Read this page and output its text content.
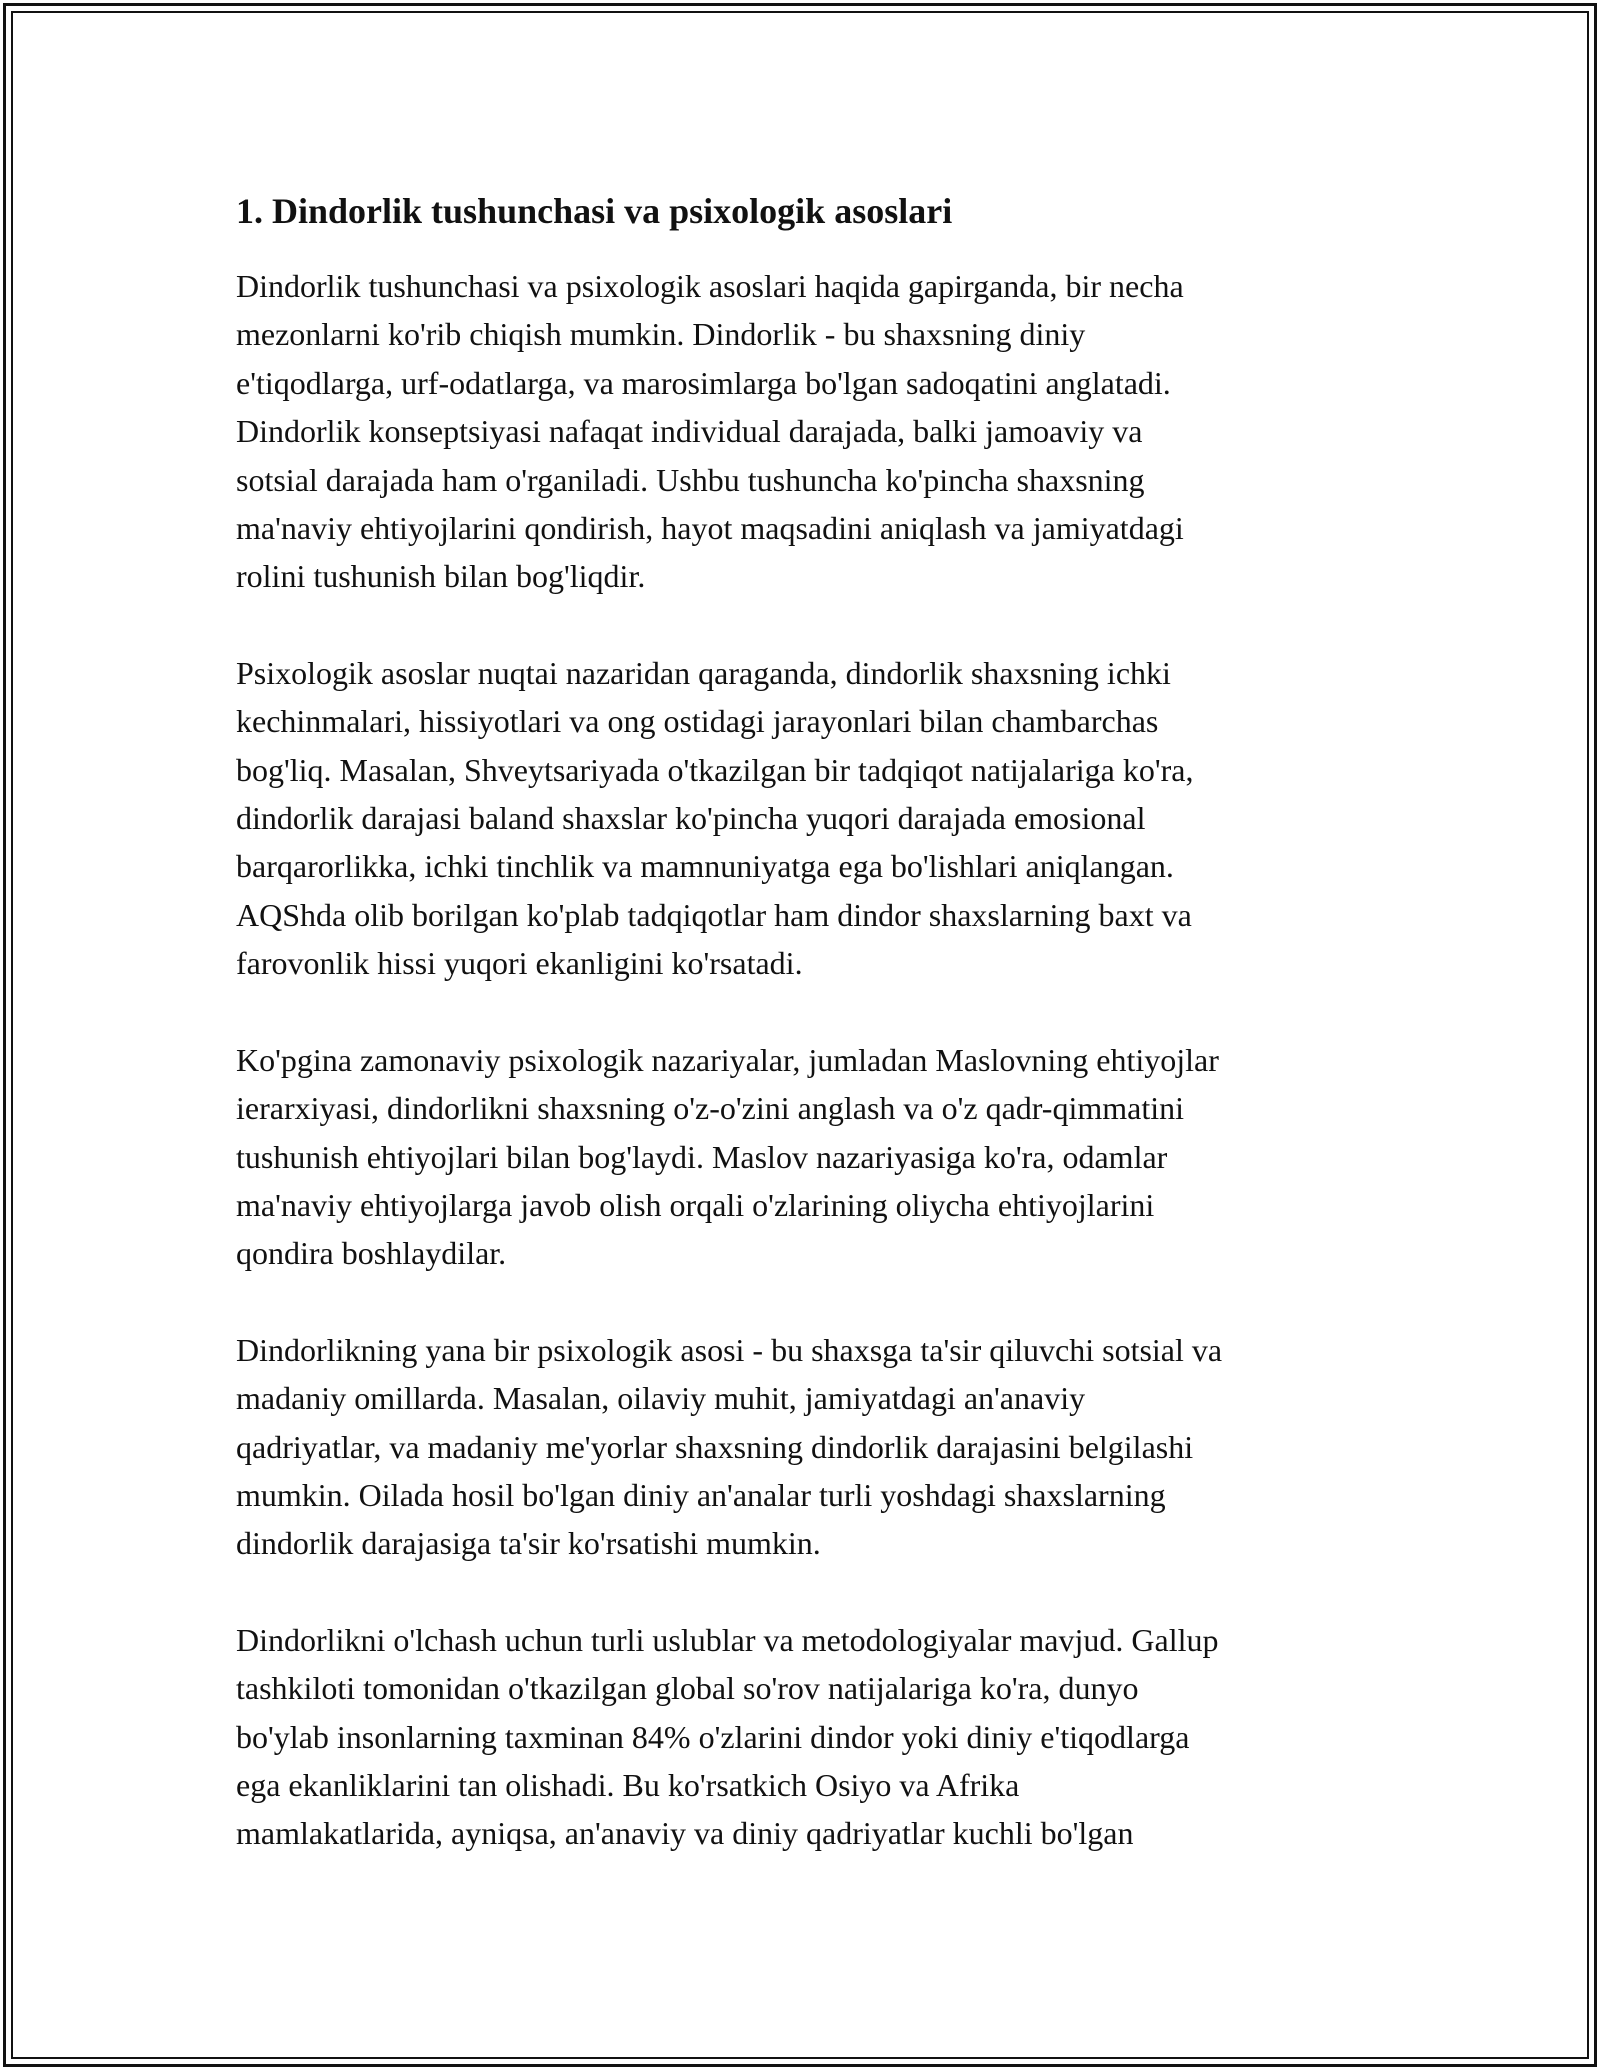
1. Dindorlik tushunchasi va psixologik asoslari

Dindorlik tushunchasi va psixologik asoslari haqida gapirganda, bir necha
mezonlarni ko'rib chiqish mumkin. Dindorlik - bu shaxsning diniy
e'tiqodlarga, urf-odatlarga, va marosimlarga bo'lgan sadoqatini anglatadi.
Dindorlik konseptsiyasi nafaqat individual darajada, balki jamoaviy va
sotsial darajada ham o'rganiladi. Ushbu tushuncha ko'pincha shaxsning
ma'naviy ehtiyojlarini qondirish, hayot maqsadini aniqlash va jamiyatdagi
rolini tushunish bilan bog'liqdir.

Psixologik asoslar nuqtai nazaridan qaraganda, dindorlik shaxsning ichki
kechinmalari, hissiyotlari va ong ostidagi jarayonlari bilan chambarchas
bog'liq. Masalan, Shveytsariyada o'tkazilgan bir tadqiqot natijalariga ko'ra,
dindorlik darajasi baland shaxslar ko'pincha yuqori darajada emosional
barqarorlikka, ichki tinchlik va mamnuniyatga ega bo'lishlari aniqlangan.
AQShda olib borilgan ko'plab tadqiqotlar ham dindor shaxslarning baxt va
farovonlik hissi yuqori ekanligini ko'rsatadi.

Ko'pgina zamonaviy psixologik nazariyalar, jumladan Maslovning ehtiyojlar
ierarxiyasi, dindorlikni shaxsning o'z-o'zini anglash va o'z qadr-qimmatini
tushunish ehtiyojlari bilan bog'laydi. Maslov nazariyasiga ko'ra, odamlar
ma'naviy ehtiyojlarga javob olish orqali o'zlarining oliycha ehtiyojlarini
qondira boshlaydilar.

Dindorlikning yana bir psixologik asosi - bu shaxsga ta'sir qiluvchi sotsial va
madaniy omillarda. Masalan, oilaviy muhit, jamiyatdagi an'anaviy
qadriyatlar, va madaniy me'yorlar shaxsning dindorlik darajasini belgilashi
mumkin. Oilada hosil bo'lgan diniy an'analar turli yoshdagi shaxslarning
dindorlik darajasiga ta'sir ko'rsatishi mumkin.

Dindorlikni o'lchash uchun turli uslublar va metodologiyalar mavjud. Gallup
tashkiloti tomonidan o'tkazilgan global so'rov natijalariga ko'ra, dunyo
bo'ylab insonlarning taxminan 84% o'zlarini dindor yoki diniy e'tiqodlarga
ega ekanliklarini tan olishadi. Bu ko'rsatkich Osiyo va Afrika
mamlakatlarida, ayniqsa, an'anaviy va diniy qadriyatlar kuchli bo'lgan
